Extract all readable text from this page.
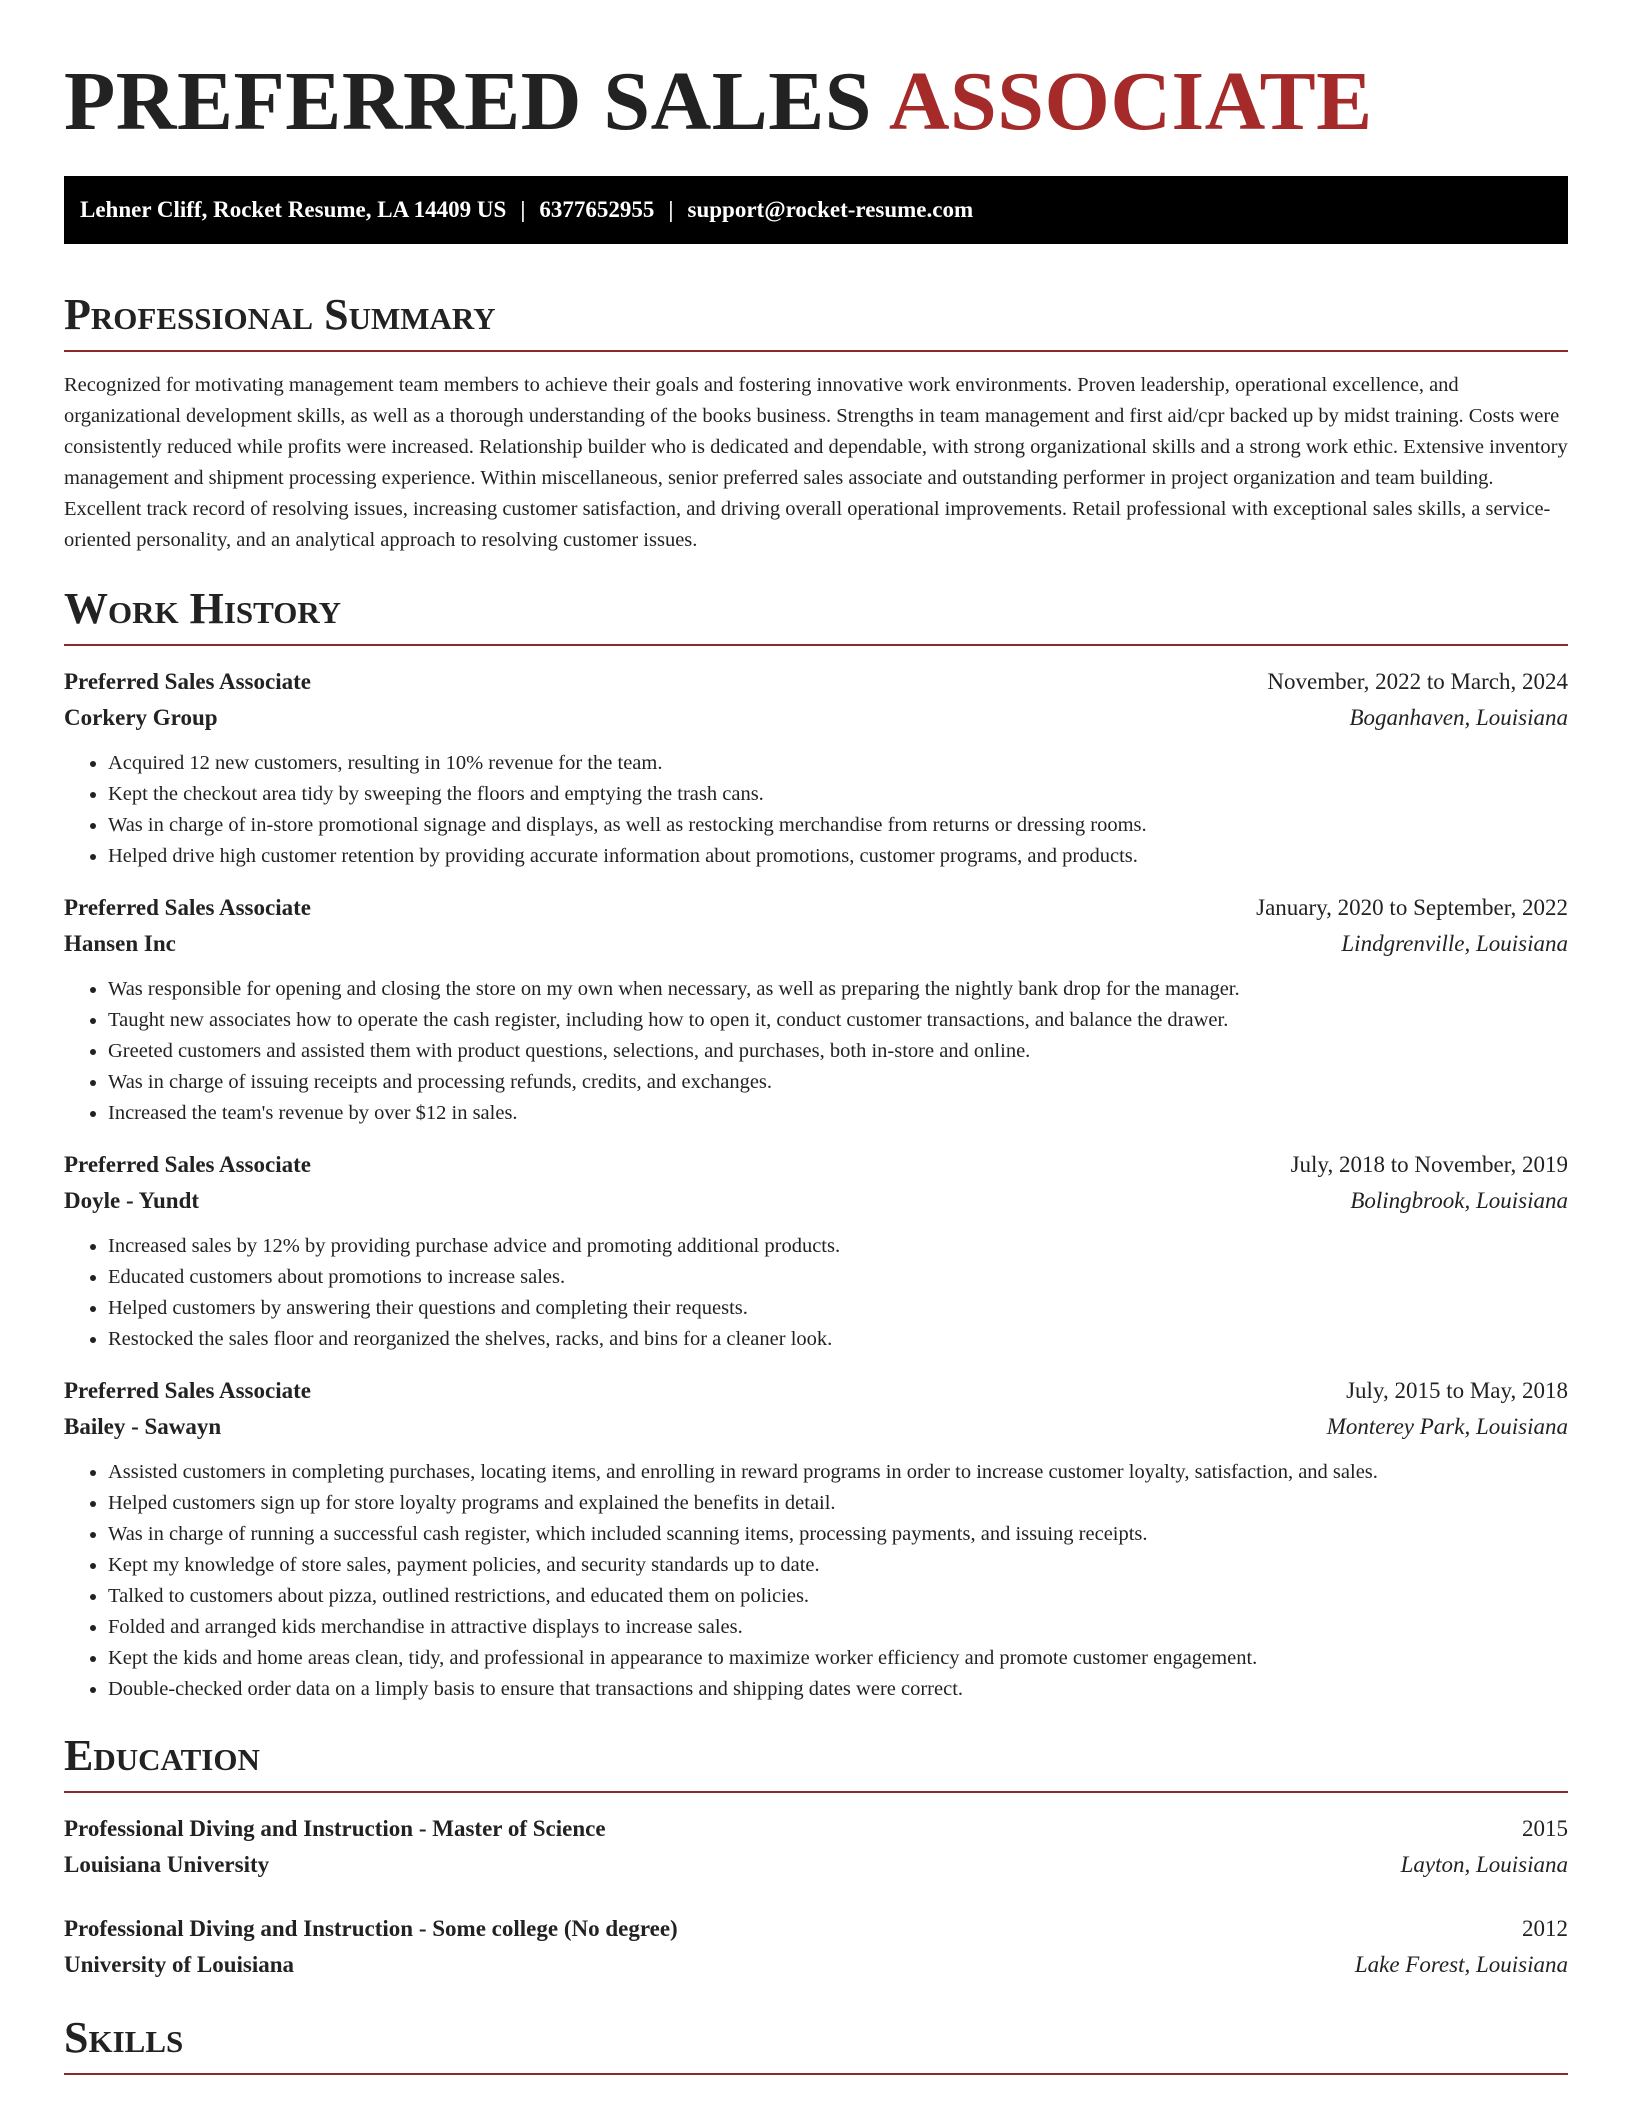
PREFERRED SALES ASSOCIATE
Lehner Cliff, Rocket Resume, LA 14409 US | 6377652955 | support@rocket-resume.com
Professional Summary
Recognized for motivating management team members to achieve their goals and fostering innovative work environments. Proven leadership, operational excellence, and organizational development skills, as well as a thorough understanding of the books business. Strengths in team management and first aid/cpr backed up by midst training. Costs were consistently reduced while profits were increased. Relationship builder who is dedicated and dependable, with strong organizational skills and a strong work ethic. Extensive inventory management and shipment processing experience. Within miscellaneous, senior preferred sales associate and outstanding performer in project organization and team building. Excellent track record of resolving issues, increasing customer satisfaction, and driving overall operational improvements. Retail professional with exceptional sales skills, a service-oriented personality, and an analytical approach to resolving customer issues.
Work History
Preferred Sales Associate	November, 2022 to March, 2024
Corkery Group	Boganhaven, Louisiana
• Acquired 12 new customers, resulting in 10% revenue for the team.
• Kept the checkout area tidy by sweeping the floors and emptying the trash cans.
• Was in charge of in-store promotional signage and displays, as well as restocking merchandise from returns or dressing rooms.
• Helped drive high customer retention by providing accurate information about promotions, customer programs, and products.
Preferred Sales Associate	January, 2020 to September, 2022
Hansen Inc	Lindgrenville, Louisiana
• Was responsible for opening and closing the store on my own when necessary, as well as preparing the nightly bank drop for the manager.
• Taught new associates how to operate the cash register, including how to open it, conduct customer transactions, and balance the drawer.
• Greeted customers and assisted them with product questions, selections, and purchases, both in-store and online.
• Was in charge of issuing receipts and processing refunds, credits, and exchanges.
• Increased the team's revenue by over $12 in sales.
Preferred Sales Associate	July, 2018 to November, 2019
Doyle - Yundt	Bolingbrook, Louisiana
• Increased sales by 12% by providing purchase advice and promoting additional products.
• Educated customers about promotions to increase sales.
• Helped customers by answering their questions and completing their requests.
• Restocked the sales floor and reorganized the shelves, racks, and bins for a cleaner look.
Preferred Sales Associate	July, 2015 to May, 2018
Bailey - Sawayn	Monterey Park, Louisiana
• Assisted customers in completing purchases, locating items, and enrolling in reward programs in order to increase customer loyalty, satisfaction, and sales.
• Helped customers sign up for store loyalty programs and explained the benefits in detail.
• Was in charge of running a successful cash register, which included scanning items, processing payments, and issuing receipts.
• Kept my knowledge of store sales, payment policies, and security standards up to date.
• Talked to customers about pizza, outlined restrictions, and educated them on policies.
• Folded and arranged kids merchandise in attractive displays to increase sales.
• Kept the kids and home areas clean, tidy, and professional in appearance to maximize worker efficiency and promote customer engagement.
• Double-checked order data on a limply basis to ensure that transactions and shipping dates were correct.
Education
Professional Diving and Instruction - Master of Science	2015
Louisiana University	Layton, Louisiana
Professional Diving and Instruction - Some college (No degree)	2012
University of Louisiana	Lake Forest, Louisiana
Skills
